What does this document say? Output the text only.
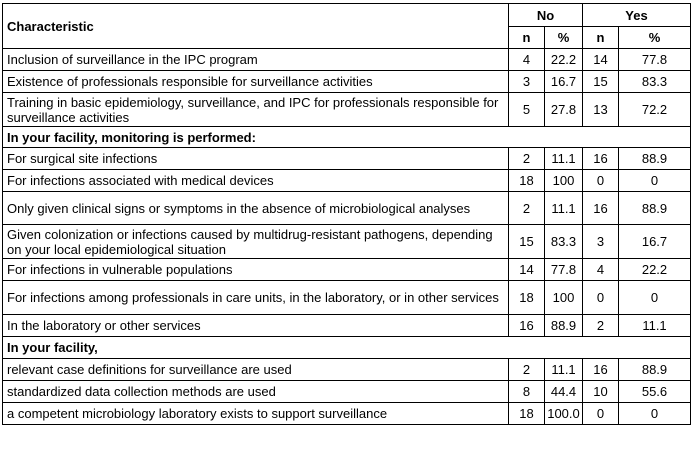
Characteristic	No		Yes	
	n	%	n	%
Inclusion of surveillance in the IPC program	4	22.2	14	77.8
Existence of professionals responsible for surveillance activities	3	16.7	15	83.3
Training in basic epidemiology, surveillance, and IPC for professionals responsible for surveillance activities	5	27.8	13	72.2
In your facility, monitoring is performed:				
For surgical site infections	2	11.1	16	88.9
For infections associated with medical devices	18	100	0	0
Only given clinical signs or symptoms in the absence of microbiological analyses	2	11.1	16	88.9
Given colonization or infections caused by multidrug-resistant pathogens, depending on your local epidemiological situation	15	83.3	3	16.7
For infections in vulnerable populations	14	77.8	4	22.2
For infections among professionals in care units, in the laboratory, or in other services	18	100	0	0
In the laboratory or other services	16	88.9	2	11.1
In your facility,				
relevant case definitions for surveillance are used	2	11.1	16	88.9
standardized data collection methods are used	8	44.4	10	55.6
a competent microbiology laboratory exists to support surveillance	18	100.0	0	0
